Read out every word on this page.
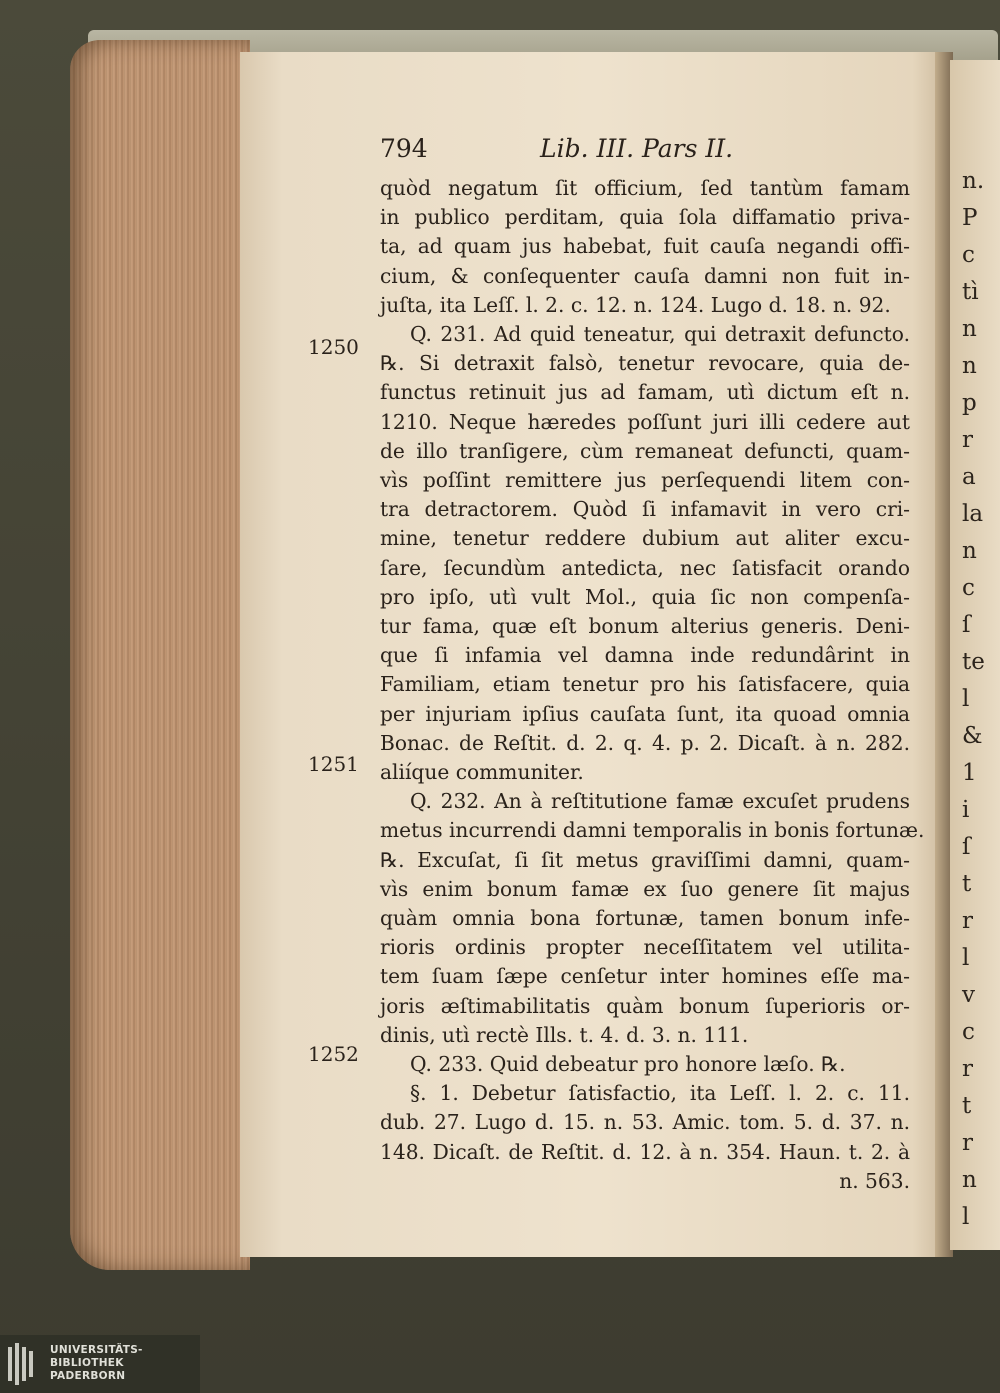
n.
P
c
tì
n
n
p
r
a
la
n
c
ſ
te
l
&
1
i
ſ
t
r
l
v
c
r
t
r
n
l
794	Lib. III. Pars II.
quòd negatum ſit officium, ſed tantùm famam
in publico perditam, quia ſola diffamatio priva-
ta, ad quam jus habebat, fuit cauſa negandi offi-
cium, & conſequenter cauſa damni non fuit in-
juſta, ita Leſſ. l. 2. c. 12. n. 124. Lugo d. 18. n. 92.
Q. 231. Ad quid teneatur, qui detraxit defuncto.
℞. Si detraxit falsò, tenetur revocare, quia de-
functus retinuit jus ad famam, utì dictum eſt n.
1210. Neque hæredes poſſunt juri illi cedere aut
de illo tranſigere, cùm remaneat defuncti, quam-
vìs poſſint remittere jus perſequendi litem con-
tra detractorem. Quòd ſi infamavit in vero cri-
mine, tenetur reddere dubium aut aliter excu-
ſare, ſecundùm antedicta, nec ſatisfacit orando
pro ipſo, utì vult Mol., quia ſic non compenſa-
tur fama, quæ eſt bonum alterius generis. Deni-
que ſi infamia vel damna inde redundârint in
Familiam, etiam tenetur pro his ſatisfacere, quia
per injuriam ipſius cauſata ſunt, ita quoad omnia
Bonac. de Reſtit. d. 2. q. 4. p. 2. Dicaſt. à n. 282.
aliíque communiter.
Q. 232. An à reſtitutione famæ excuſet prudens
metus incurrendi damni temporalis in bonis fortunæ.
℞. Excuſat, ſi ſit metus graviſſimi damni, quam-
vìs enim bonum famæ ex ſuo genere ſit majus
quàm omnia bona fortunæ, tamen bonum infe-
rioris ordinis propter neceſſitatem vel utilita-
tem ſuam ſæpe cenſetur inter homines eſſe ma-
joris æſtimabilitatis quàm bonum ſuperioris or-
dinis, utì rectè Ills. t. 4. d. 3. n. 111.
Q. 233. Quid debeatur pro honore læſo. ℞.
§. 1. Debetur ſatisfactio, ita Leſſ. l. 2. c. 11.
dub. 27. Lugo d. 15. n. 53. Amic. tom. 5. d. 37. n.
148. Dicaſt. de Reſtit. d. 12. à n. 354. Haun. t. 2. à
n. 563.
1250
1251
1252
UNIVERSITÄTS-
BIBLIOTHEK
PADERBORN
